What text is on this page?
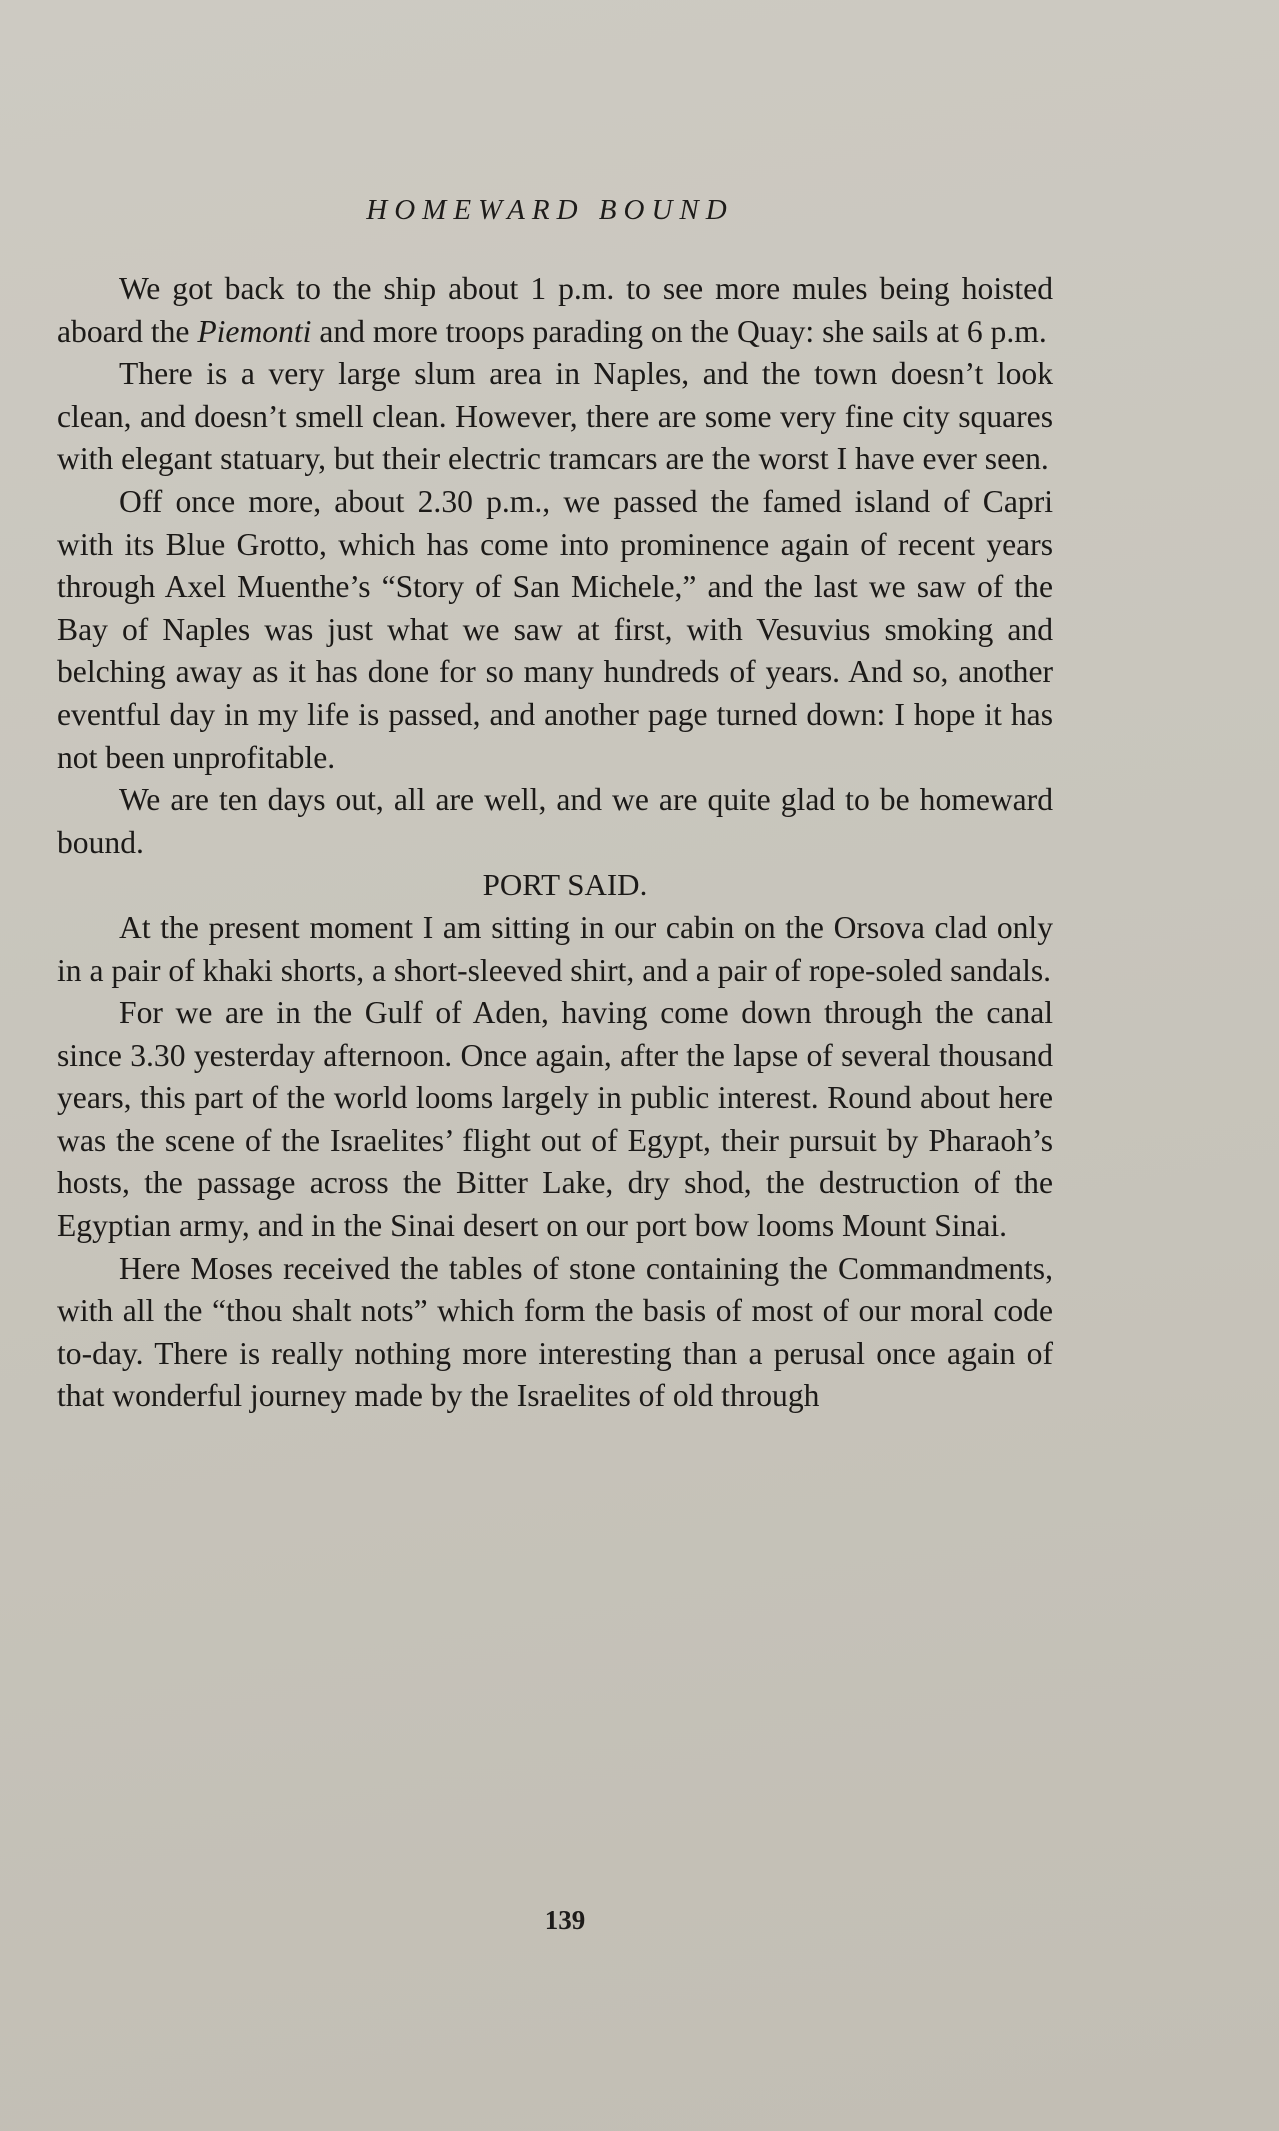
HOMEWARD BOUND

We got back to the ship about 1 p.m. to see more mules being hoisted aboard the Piemonti and more troops parading on the Quay: she sails at 6 p.m.

There is a very large slum area in Naples, and the town doesn’t look clean, and doesn’t smell clean. However, there are some very fine city squares with elegant statuary, but their electric tramcars are the worst I have ever seen.

Off once more, about 2.30 p.m., we passed the famed island of Capri with its Blue Grotto, which has come into prominence again of recent years through Axel Muenthe’s “Story of San Michele,” and the last we saw of the Bay of Naples was just what we saw at first, with Vesuvius smoking and belching away as it has done for so many hundreds of years. And so, another eventful day in my life is passed, and another page turned down: I hope it has not been unprofitable.

We are ten days out, all are well, and we are quite glad to be homeward bound.

PORT SAID.

At the present moment I am sitting in our cabin on the Orsova clad only in a pair of khaki shorts, a short-sleeved shirt, and a pair of rope-soled sandals.

For we are in the Gulf of Aden, having come down through the canal since 3.30 yesterday afternoon. Once again, after the lapse of several thousand years, this part of the world looms largely in public interest. Round about here was the scene of the Israelites’ flight out of Egypt, their pursuit by Pharaoh’s hosts, the passage across the Bitter Lake, dry shod, the destruction of the Egyptian army, and in the Sinai desert on our port bow looms Mount Sinai.

Here Moses received the tables of stone containing the Commandments, with all the “thou shalt nots” which form the basis of most of our moral code to-day. There is really nothing more interesting than a perusal once again of that wonderful journey made by the Israelites of old through

139
